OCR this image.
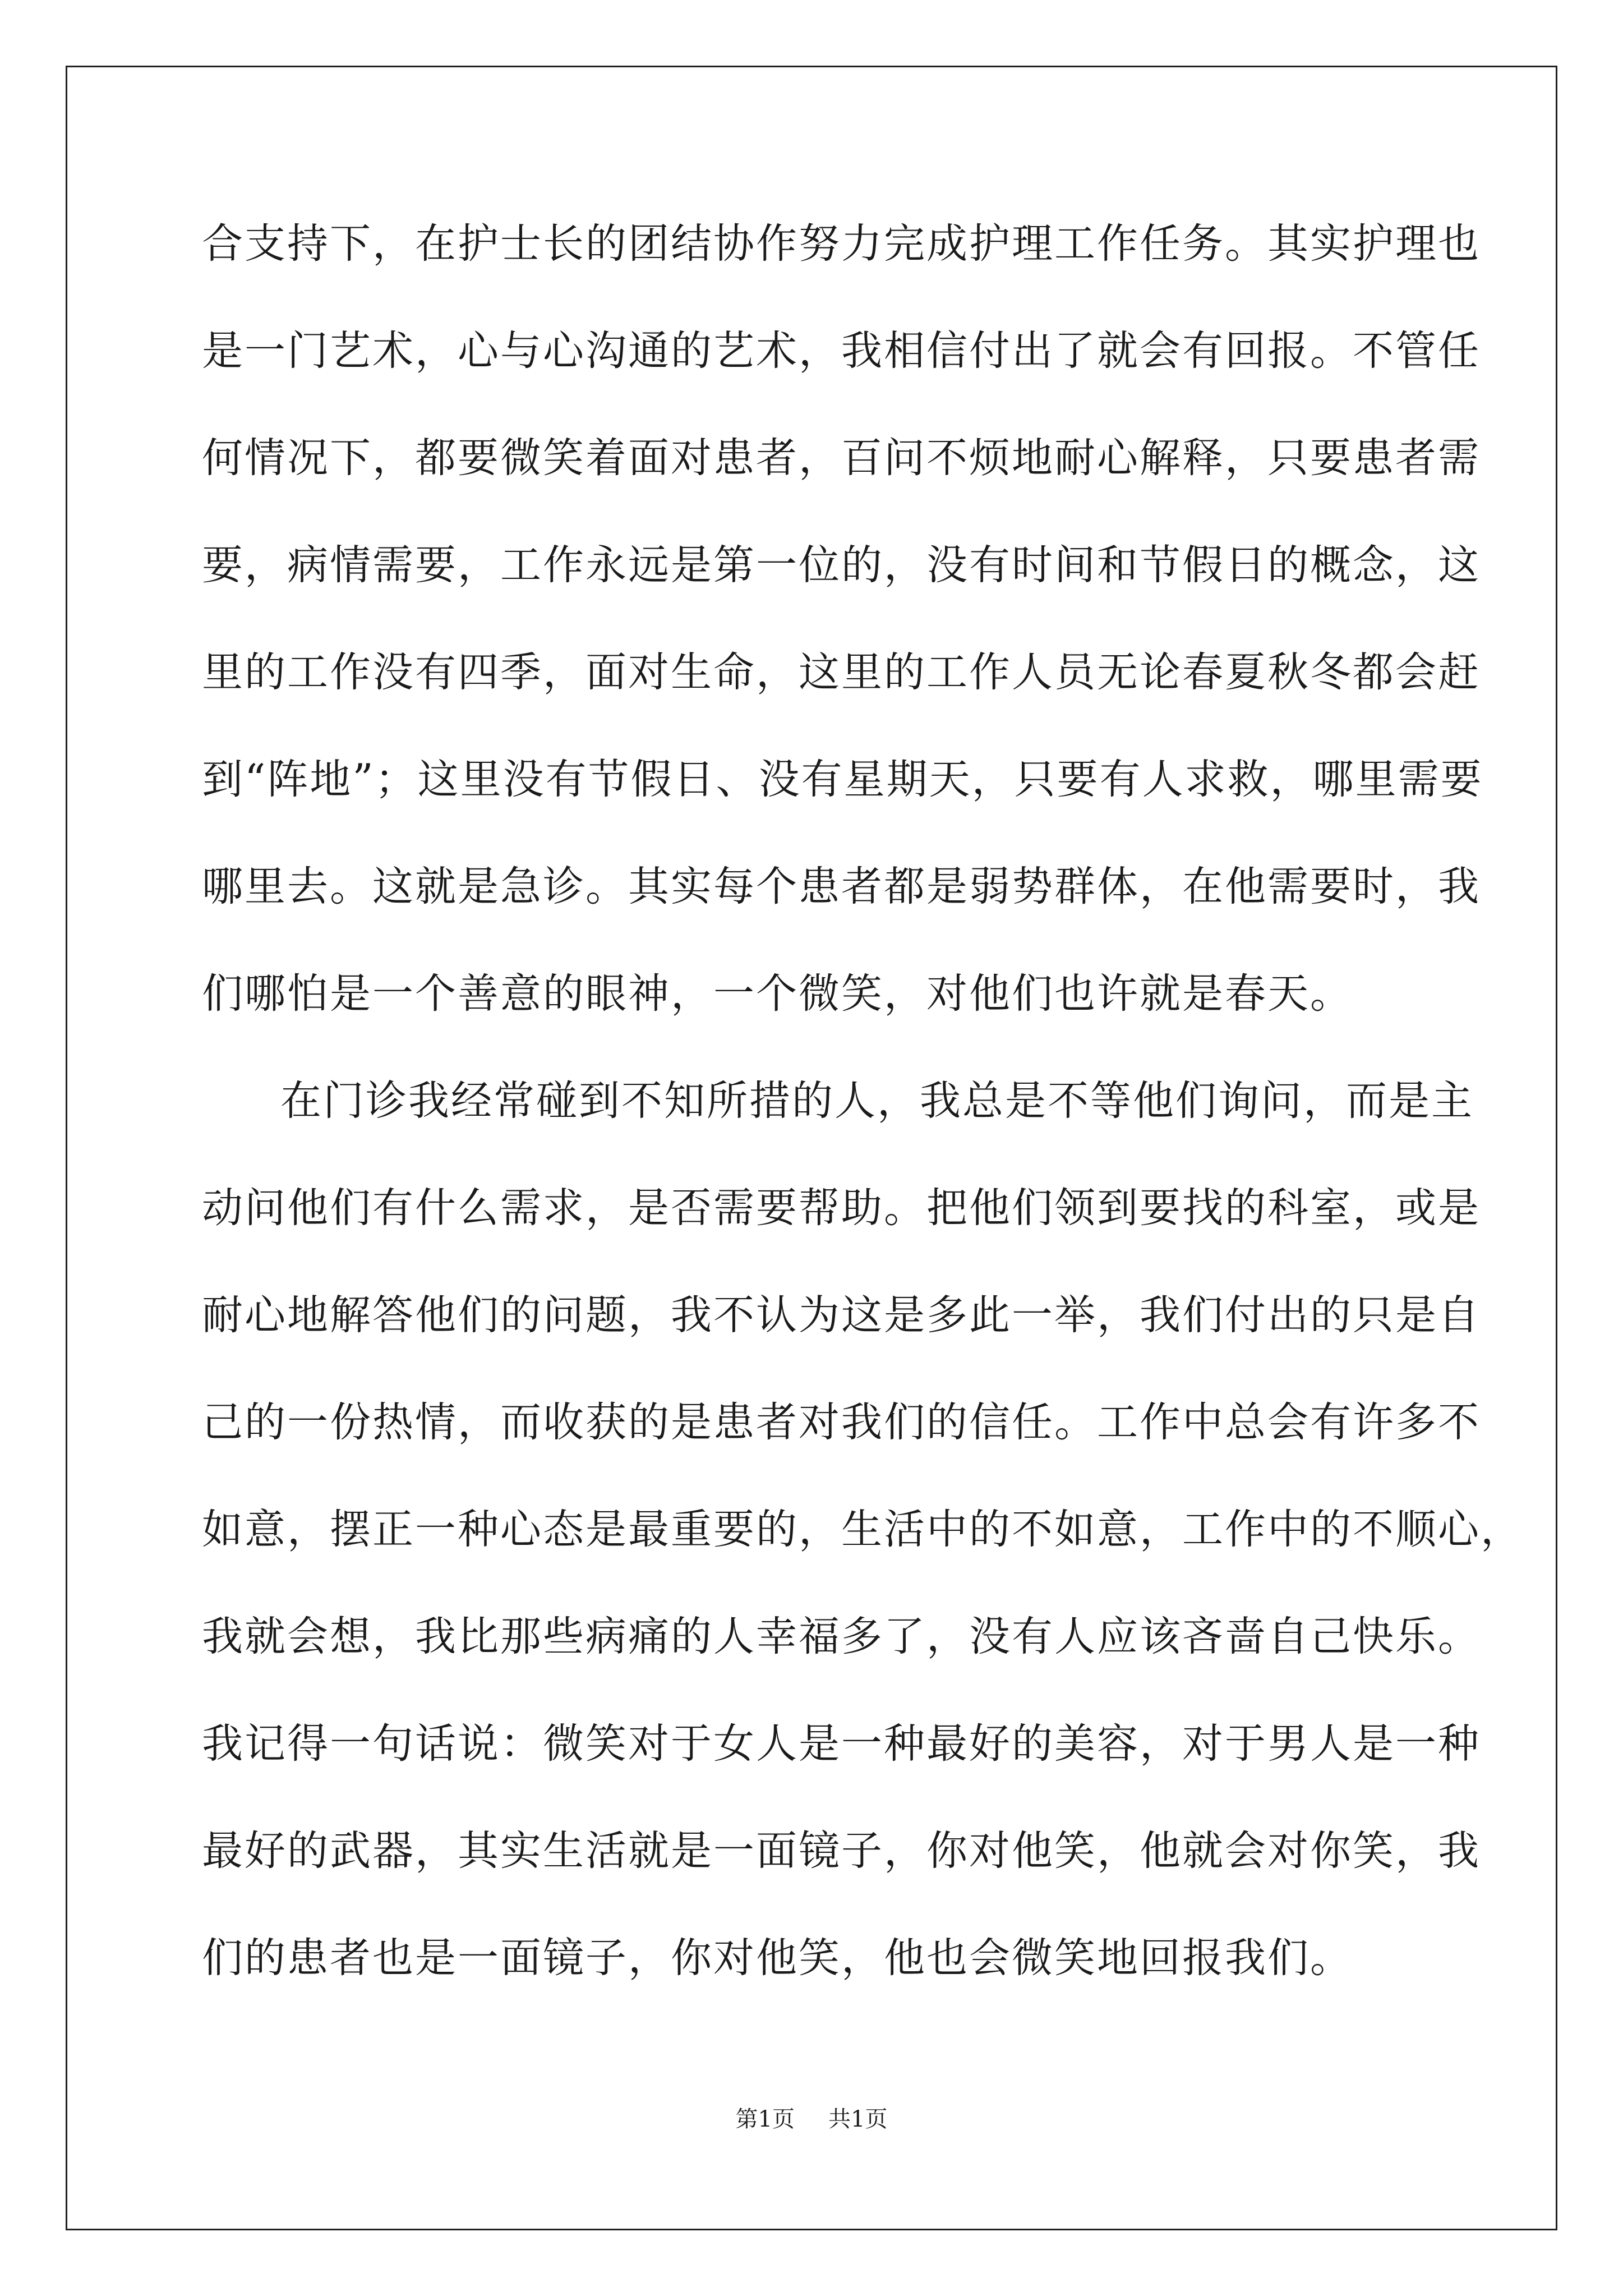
合支持下，在护士长的团结协作努力完成护理工作任务。其实护理也
是一门艺术，心与心沟通的艺术，我相信付出了就会有回报。不管任
何情况下，都要微笑着面对患者，百问不烦地耐心解释，只要患者需
要，病情需要，工作永远是第一位的，没有时间和节假日的概念，这
里的工作没有四季，面对生命，这里的工作人员无论春夏秋冬都会赶
到“阵地”；这里没有节假日、没有星期天，只要有人求救，哪里需要
哪里去。这就是急诊。其实每个患者都是弱势群体，在他需要时，我
们哪怕是一个善意的眼神，一个微笑，对他们也许就是春天。
在门诊我经常碰到不知所措的人，我总是不等他们询问，而是主
动问他们有什么需求，是否需要帮助。把他们领到要找的科室，或是
耐心地解答他们的问题，我不认为这是多此一举，我们付出的只是自
己的一份热情，而收获的是患者对我们的信任。工作中总会有许多不
如意，摆正一种心态是最重要的，生活中的不如意，工作中的不顺心，
我就会想，我比那些病痛的人幸福多了，没有人应该吝啬自己快乐。
我记得一句话说：微笑对于女人是一种最好的美容，对于男人是一种
最好的武器，其实生活就是一面镜子，你对他笑，他就会对你笑，我
们的患者也是一面镜子，你对他笑，他也会微笑地回报我们。
第1页 共1页
